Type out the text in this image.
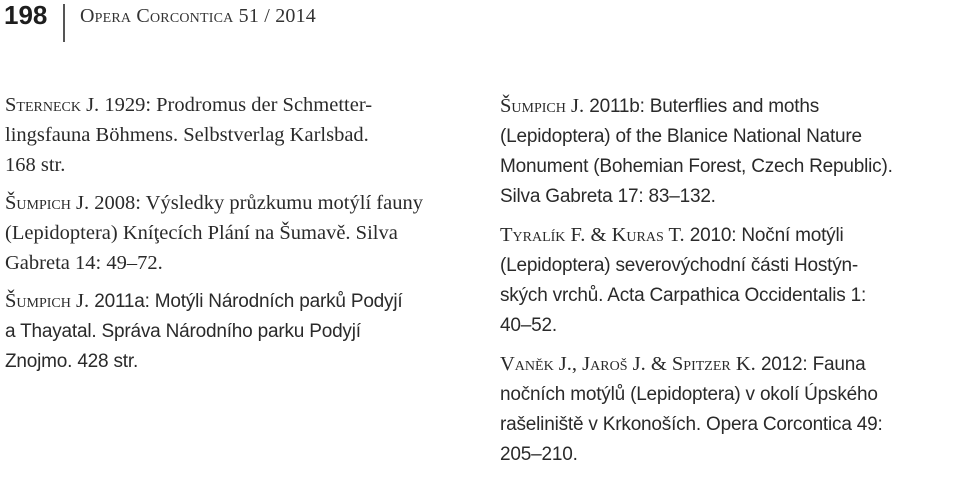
198 Opera Corcontica 51 / 2014
Sterneck J. 1929: Prodromus der Schmetter-
lingsfauna Böhmens. Selbstverlag Karlsbad.
168 str.
Šumpich J. 2008: Výsledky průzkumu motýlí fauny
(Lepidoptera) Kníţecích Plání na Šumavě. Silva
Gabreta 14: 49–72.
Šumpich J. 2011a: Motýli Národních parků Podyjí
a Thayatal. Správa Národního parku Podyjí
Znojmo. 428 str.
Šumpich J. 2011b: Buterflies and moths
(Lepidoptera) of the Blanice National Nature
Monument (Bohemian Forest, Czech Republic).
Silva Gabreta 17: 83–132.
Tyralík F. & Kuras T. 2010: Noční motýli
(Lepidoptera) severovýchodní části Hostýn-
ských vrchů. Acta Carpathica Occidentalis 1:
40–52.
Vaněk J., Jaroš J. & Spitzer K. 2012: Fauna
nočních motýlů (Lepidoptera) v okolí Úpského
rašeliniště v Krkonoších. Opera Corcontica 49:
205–210.
